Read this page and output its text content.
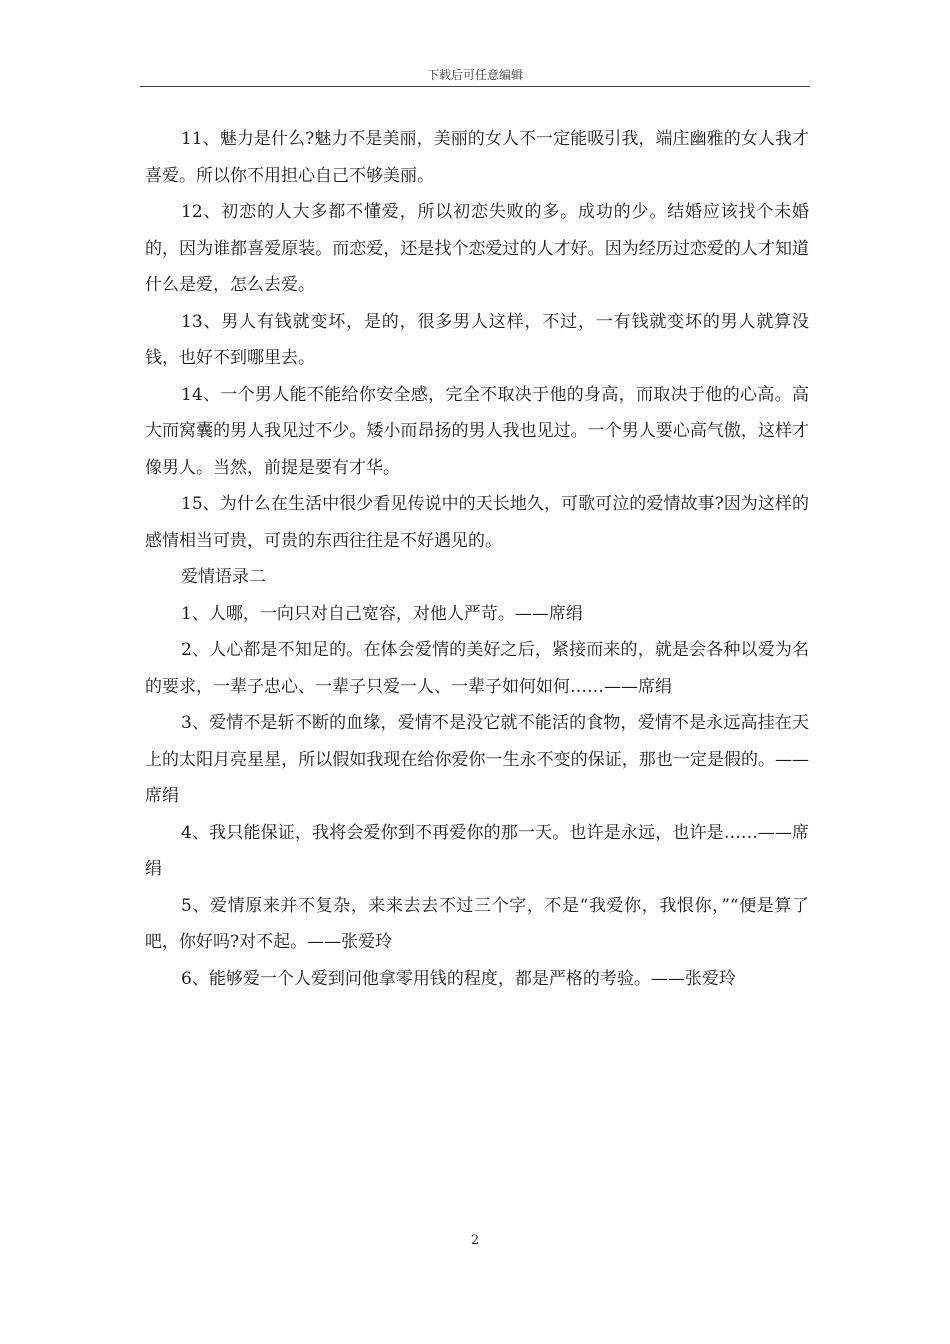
下载后可任意编辑

11、魅力是什么?魅力不是美丽，美丽的女人不一定能吸引我，端庄幽雅的女人我才喜爱。所以你不用担心自己不够美丽。

12、初恋的人大多都不懂爱，所以初恋失败的多。成功的少。结婚应该找个未婚的，因为谁都喜爱原装。而恋爱，还是找个恋爱过的人才好。因为经历过恋爱的人才知道什么是爱，怎么去爱。

13、男人有钱就变坏，是的，很多男人这样，不过，一有钱就变坏的男人就算没钱，也好不到哪里去。

14、一个男人能不能给你安全感，完全不取决于他的身高，而取决于他的心高。高大而窝囊的男人我见过不少。矮小而昂扬的男人我也见过。一个男人要心高气傲，这样才像男人。当然，前提是要有才华。

15、为什么在生活中很少看见传说中的天长地久，可歌可泣的爱情故事?因为这样的感情相当可贵，可贵的东西往往是不好遇见的。

爱情语录二

1、人哪，一向只对自己宽容，对他人严苛。——席绢

2、人心都是不知足的。在体会爱情的美好之后，紧接而来的，就是会各种以爱为名的要求，一辈子忠心、一辈子只爱一人、一辈子如何如何……——席绢

3、爱情不是斩不断的血缘，爱情不是没它就不能活的食物，爱情不是永远高挂在天上的太阳月亮星星，所以假如我现在给你爱你一生永不变的保证，那也一定是假的。——席绢

4、我只能保证，我将会爱你到不再爱你的那一天。也许是永远，也许是……——席绢

5、爱情原来并不复杂，来来去去不过三个字，不是“我爱你，我恨你，”“便是算了吧，你好吗?对不起。——张爱玲

6、能够爱一个人爱到问他拿零用钱的程度，都是严格的考验。——张爱玲

2
